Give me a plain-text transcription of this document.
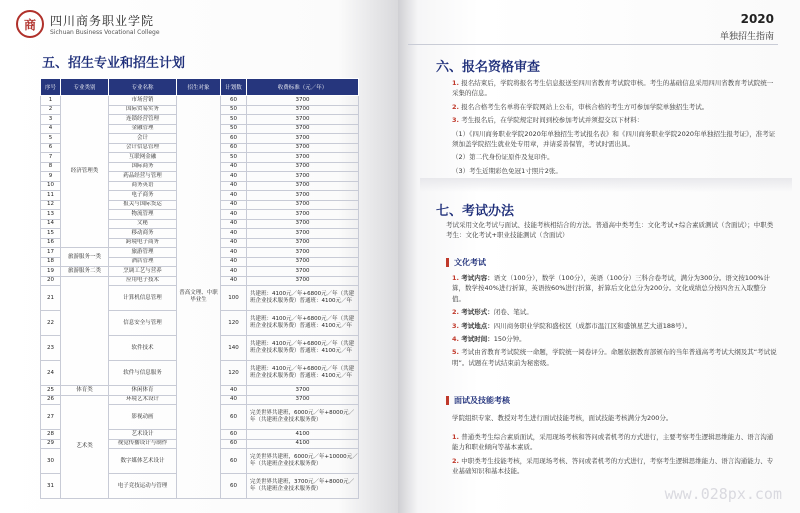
商	四川商务职业学院
Sichuan Business Vocational College
五、招生专业和招生计划
序号	专业类别	专业名称	招生对象	计划数	收费标准（元／年）
1	经济管理类	市场营销	普高文理、中职毕业生	60	3700
2		国际贸易实务		50	3700
3		连锁经营管理		50	3700
4		金融管理		50	3700
5		会计		60	3700
6		会计信息管理		60	3700
7		互联网金融		50	3700
8		国际商务		40	3700
9		药品经营与管理		40	3700
10		商务英语		40	3700
11		电子商务		40	3700
12		报关与国际货运		40	3700
13		物流管理		40	3700
14		文秘		40	3700
15		移动商务		40	3700
16		跨境电子商务		40	3700
17	旅游服务一类	旅游管理		40	3700
18		酒店管理		40	3700
19	旅游服务二类	烹调工艺与营养		40	3700
20		应用电子技术		40	3700
21		计算机信息管理		100	共建班：4100元／年+6800元／年（共建班企业技术服务费）普通班：4100元／年
22		信息安全与管理		120	共建班：4100元／年+6800元／年（共建班企业技术服务费）普通班：4100元／年
23		软件技术		140	共建班：4100元／年+6800元／年（共建班企业技术服务费）普通班：4100元／年
24		软件与信息服务		120	共建班：4100元／年+6800元／年（共建班企业技术服务费）普通班：4100元／年
25	体育类	休闲体育		40	3700
26	艺术类	环境艺术设计		40	3700
27		影视动画		60	完美世界共建班，6000元／年+8000元／年（共建班企业技术服务费）
28		艺术设计		60	4100
29		视觉传播设计与制作		60	4100
30		数字媒体艺术设计		60	完美世界共建班，6000元／年+10000元／年（共建班企业技术服务费）
31		电子竞技运动与管理		60	完美世界共建班，3700元／年+8000元／年（共建班企业技术服务费）
2020
单独招生指南
六、报名资格审查
1. 报名结束后，学院将报名考生信息报送至四川省教育考试院审核。考生的基础信息采用四川省教育考试院统一采集的信息。
2. 报名合格考生名单将在学院网站上公布，审核合格的考生方可参加学院单独招生考试。
3. 考生报名后，在学院规定时间到校参加考试并须提交以下材料：
（1）《四川商务职业学院2020年单独招生考试报名表》和《四川商务职业学院2020年单独招生报考证》，准考证须加盖学院招生就业处专用章，并请妥善保管，考试时需出具。
（2）第二代身份证原件及复印件。
（3）考生近期彩色免冠1寸照片2张。
七、考试办法
考试采用文化考试与面试、技能考核相结合的方法。普通高中类考生：文化考试+综合素质测试（含面试）；中职类考生：文化考试+职业技能测试（含面试）
文化考试
1. 考试内容：语文（100分），数学（100分），英语（100分）三科合卷考试，满分为300分。语文按100%计算，数学按40%进行折算，英语按60%进行折算，折算后文化总分为200分。文化成绩总分按四舍五入取整分值。
2. 考试形式：闭卷、笔试。
3. 考试地点：四川商务职业学院和盛校区（成都市温江区和盛镇星艺大道188号）。
4. 考试时间：150分钟。
5. 考试由省教育考试院统一命题，学院统一阅卷评分。命题依据教育部颁布的当年普通高考考试大纲及其“考试说明”。试题在考试结束前为秘密级。
面试及技能考核
学院组织专家、教授对考生进行面试技能考核，面试技能考核满分为200分。
1. 普通类考生综合素质面试，采用现场考核和答问或者机考的方式进行，主要考察考生逻辑思维能力、语言沟通能力和职业倾向等基本素质。
2. 中职类考生技能考核，采用现场考核、答问或者机考的方式进行，考察考生逻辑思维能力、语言沟通能力、专业基础知识和基本技能。
www.028px.com
